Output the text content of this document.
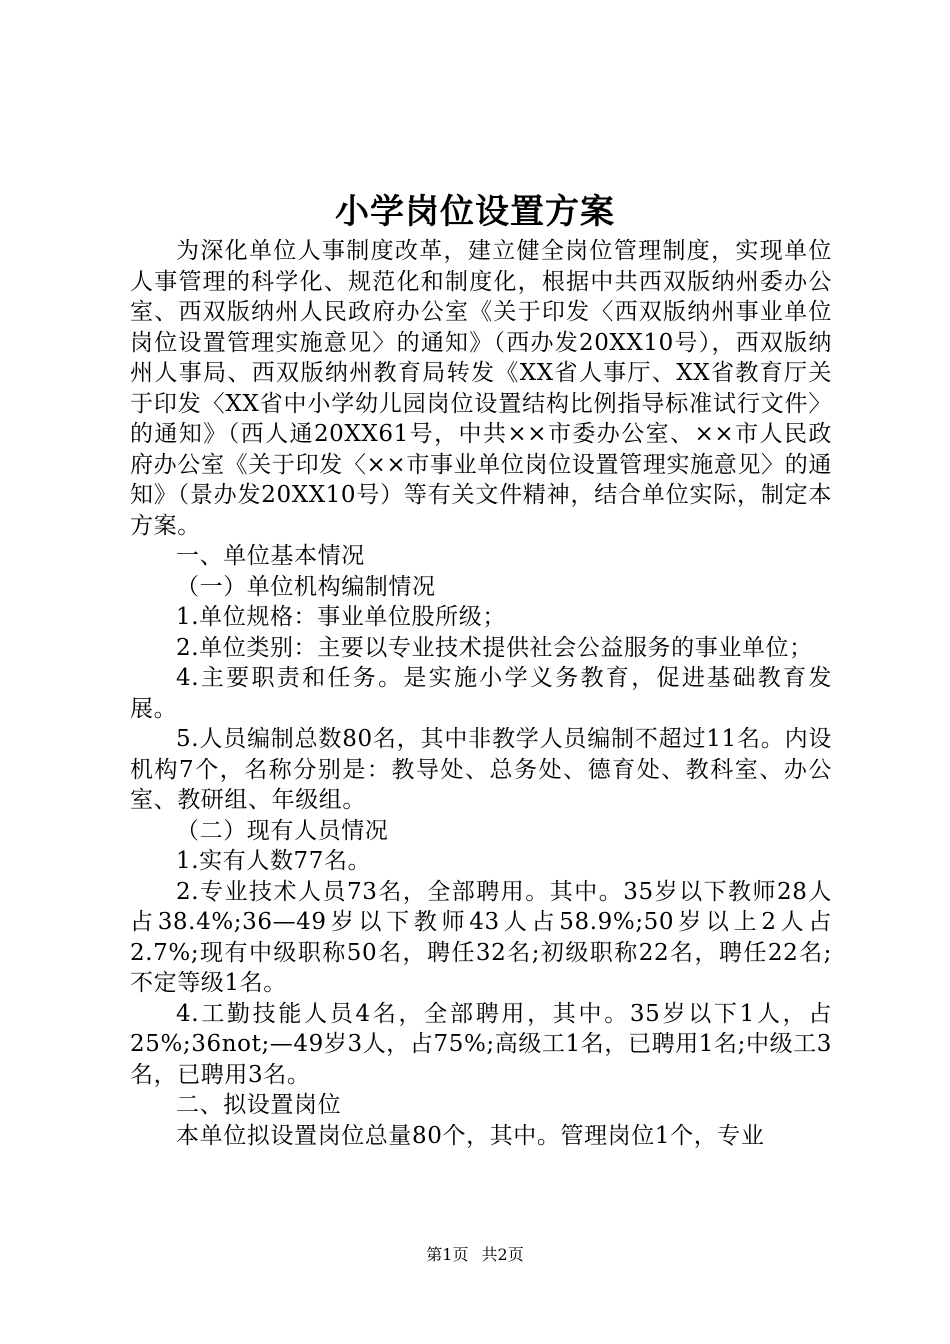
小学岗位设置方案

为深化单位人事制度改革，建立健全岗位管理制度，实现单位人事管理的科学化、规范化和制度化，根据中共西双版纳州委办公室、西双版纳州人民政府办公室《关于印发〈西双版纳州事业单位岗位设置管理实施意见〉的通知》（西办发20XX10号），西双版纳州人事局、西双版纳州教育局转发《XX省人事厅、XX省教育厅关于印发〈XX省中小学幼儿园岗位设置结构比例指导标准试行文件〉的通知》（西人通20XX61号，中共××市委办公室、××市人民政府办公室《关于印发〈××市事业单位岗位设置管理实施意见〉的通知》（景办发20XX10号）等有关文件精神，结合单位实际，制定本方案。

一、单位基本情况

（一）单位机构编制情况

1.单位规格：事业单位股所级；

2.单位类别：主要以专业技术提供社会公益服务的事业单位；

4.主要职责和任务。是实施小学义务教育，促进基础教育发展。

5.人员编制总数80名，其中非教学人员编制不超过11名。内设机构7个，名称分别是：教导处、总务处、德育处、教科室、办公室、教研组、年级组。

（二）现有人员情况

1.实有人数77名。

2.专业技术人员73名，全部聘用。其中。35岁以下教师28人占38.4%;36—49岁以下教师43人占58.9%;50岁以上2人占2.7%;现有中级职称50名，聘任32名;初级职称22名，聘任22名;不定等级1名。

4.工勤技能人员4名，全部聘用，其中。35岁以下1人，占25%;36not;—49岁3人，占75%;高级工1名，已聘用1名;中级工3名，已聘用3名。

二、拟设置岗位

本单位拟设置岗位总量80个，其中。管理岗位1个，专业

第1页 共2页
